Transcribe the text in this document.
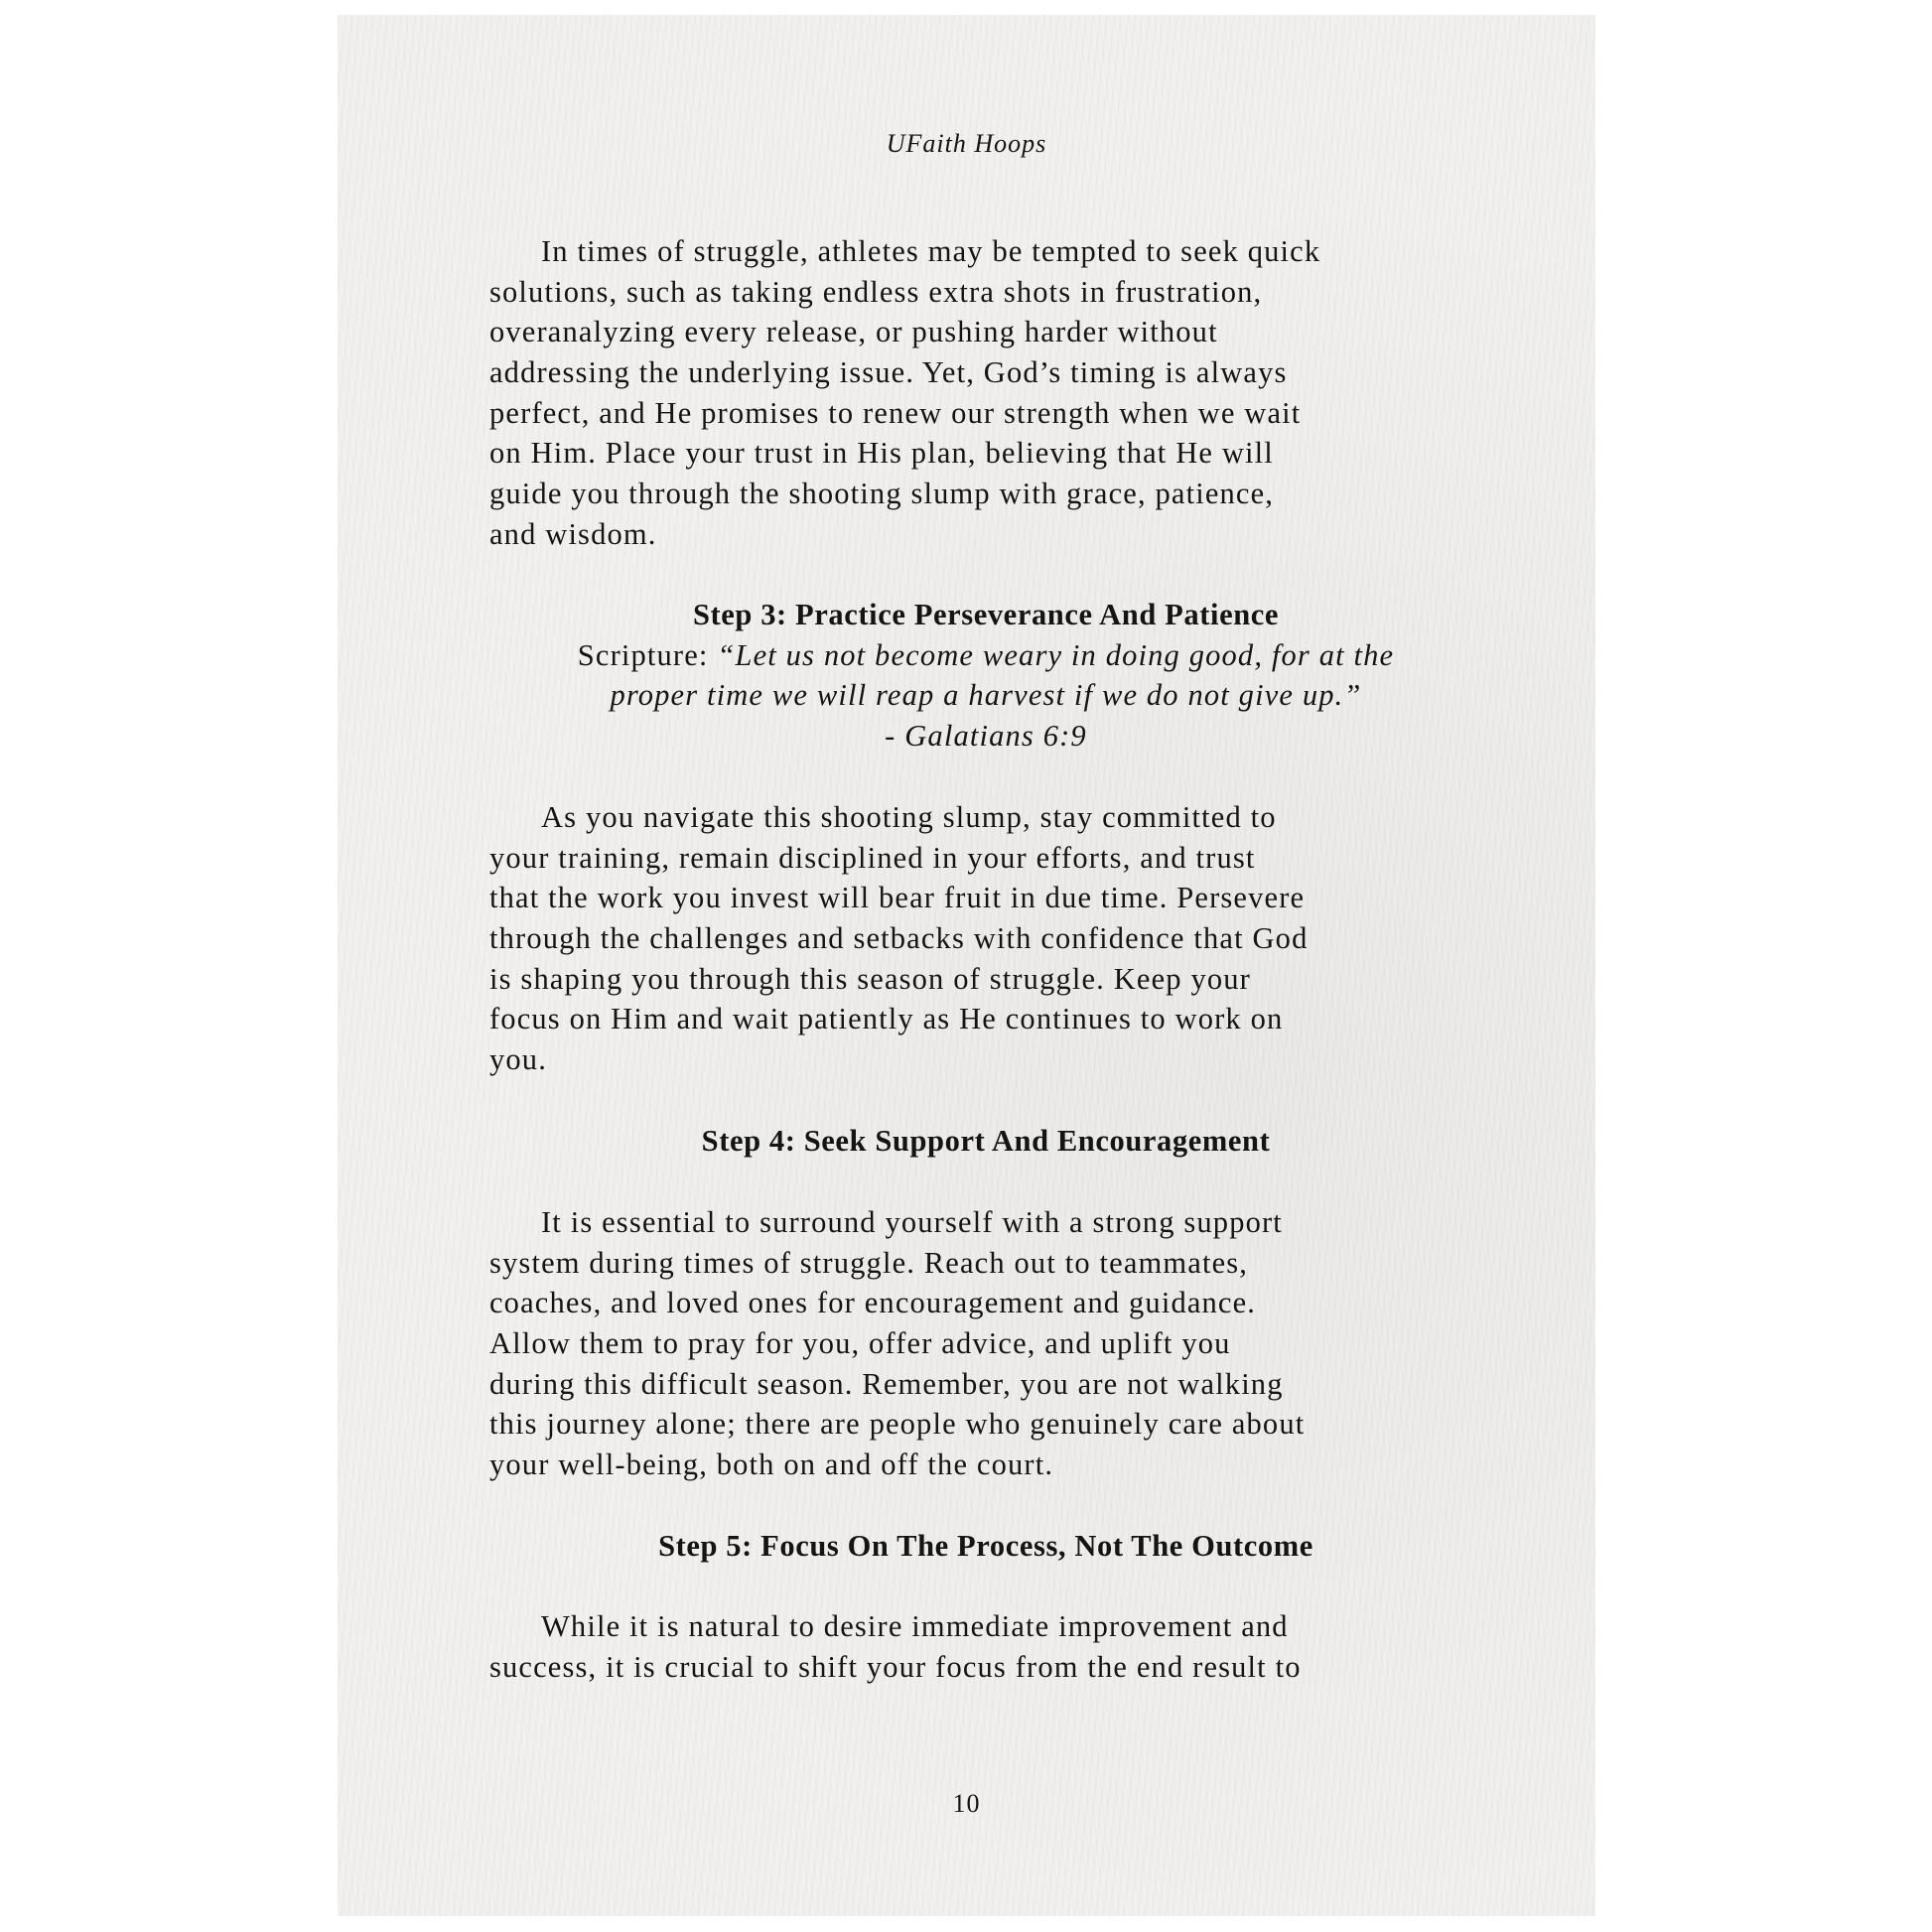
UFaith Hoops
In times of struggle, athletes may be tempted to seek quick
solutions, such as taking endless extra shots in frustration,
overanalyzing every release, or pushing harder without
addressing the underlying issue. Yet, God’s timing is always
perfect, and He promises to renew our strength when we wait
on Him. Place your trust in His plan, believing that He will
guide you through the shooting slump with grace, patience,
and wisdom.
Step 3: Practice Perseverance And Patience
Scripture: “Let us not become weary in doing good, for at the
proper time we will reap a harvest if we do not give up.”
- Galatians 6:9
As you navigate this shooting slump, stay committed to
your training, remain disciplined in your efforts, and trust
that the work you invest will bear fruit in due time. Persevere
through the challenges and setbacks with confidence that God
is shaping you through this season of struggle. Keep your
focus on Him and wait patiently as He continues to work on
you.
Step 4: Seek Support And Encouragement
It is essential to surround yourself with a strong support
system during times of struggle. Reach out to teammates,
coaches, and loved ones for encouragement and guidance.
Allow them to pray for you, offer advice, and uplift you
during this difficult season. Remember, you are not walking
this journey alone; there are people who genuinely care about
your well-being, both on and off the court.
Step 5: Focus On The Process, Not The Outcome
While it is natural to desire immediate improvement and
success, it is crucial to shift your focus from the end result to
10
